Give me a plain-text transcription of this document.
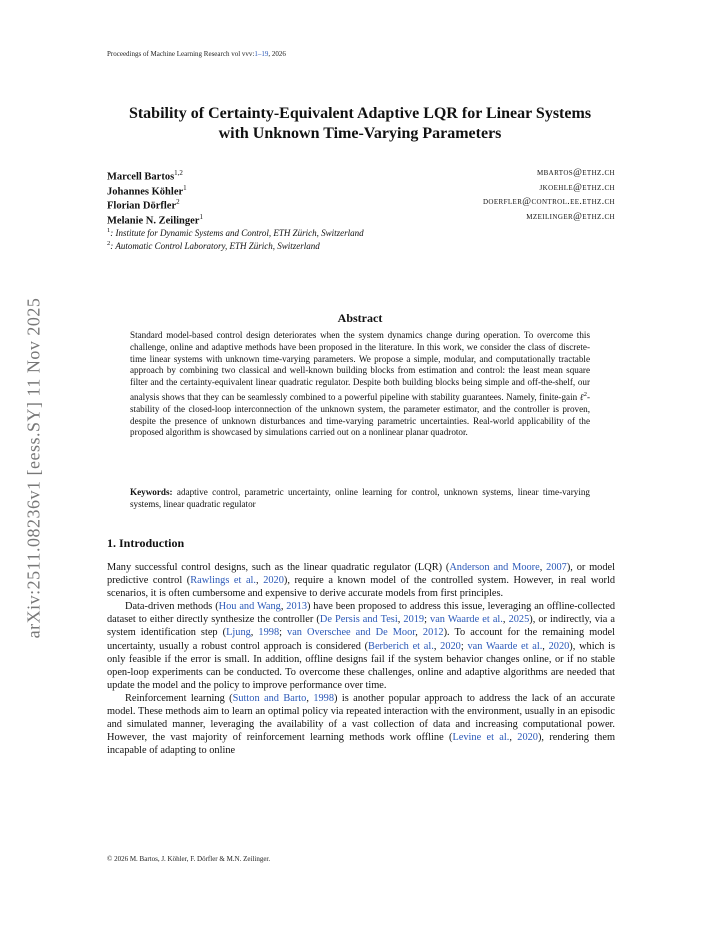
Proceedings of Machine Learning Research vol vvv:1–19, 2026
arXiv:2511.08236v1 [eess.SY] 11 Nov 2025
Stability of Certainty-Equivalent Adaptive LQR for Linear Systems
with Unknown Time-Varying Parameters
Marcell Bartos$^{1,2}$	mbartos@ethz.ch
Johannes Köhler$^1$	jkoehle@ethz.ch
Florian Dörfler$^2$	doerfler@control.ee.ethz.ch
Melanie N. Zeilinger$^1$	mzeilinger@ethz.ch
$^1$: Institute for Dynamic Systems and Control, ETH Zürich, Switzerland
$^2$: Automatic Control Laboratory, ETH Zürich, Switzerland
Abstract
Standard model-based control design deteriorates when the system dynamics change during operation. To overcome this challenge, online and adaptive methods have been proposed in the literature. In this work, we consider the class of discrete-time linear systems with unknown time-varying parameters. We propose a simple, modular, and computationally tractable approach by combining two classical and well-known building blocks from estimation and control: the least mean square filter and the certainty-equivalent linear quadratic regulator. Despite both building blocks being simple and off-the-shelf, our analysis shows that they can be seamlessly combined to a powerful pipeline with stability guarantees. Namely, finite-gain ℓ$^2$-stability of the closed-loop interconnection of the unknown system, the parameter estimator, and the controller is proven, despite the presence of unknown disturbances and time-varying parametric uncertainties. Real-world applicability of the proposed algorithm is showcased by simulations carried out on a nonlinear planar quadrotor.
Keywords: adaptive control, parametric uncertainty, online learning for control, unknown systems, linear time-varying systems, linear quadratic regulator
1. Introduction

Many successful control designs, such as the linear quadratic regulator (LQR) (Anderson and Moore, 2007), or model predictive control (Rawlings et al., 2020), require a known model of the controlled system. However, in real world scenarios, it is often cumbersome and expensive to derive accurate models from first principles.

Data-driven methods (Hou and Wang, 2013) have been proposed to address this issue, leveraging an offline-collected dataset to either directly synthesize the controller (De Persis and Tesi, 2019; van Waarde et al., 2025), or indirectly, via a system identification step (Ljung, 1998; van Overschee and De Moor, 2012). To account for the remaining model uncertainty, usually a robust control approach is considered (Berberich et al., 2020; van Waarde et al., 2020), which is only feasible if the error is small. In addition, offline designs fail if the system behavior changes online, or if no stable open-loop experiments can be conducted. To overcome these challenges, online and adaptive algorithms are needed that update the model and the policy to improve performance over time.

Reinforcement learning (Sutton and Barto, 1998) is another popular approach to address the lack of an accurate model. These methods aim to learn an optimal policy via repeated interaction with the environment, usually in an episodic and simulated manner, leveraging the availability of a vast collection of data and increasing computational power. However, the vast majority of reinforcement learning methods work offline (Levine et al., 2020), rendering them incapable of adapting to online

© 2026 M. Bartos, J. Köhler, F. Dörfler & M.N. Zeilinger.
